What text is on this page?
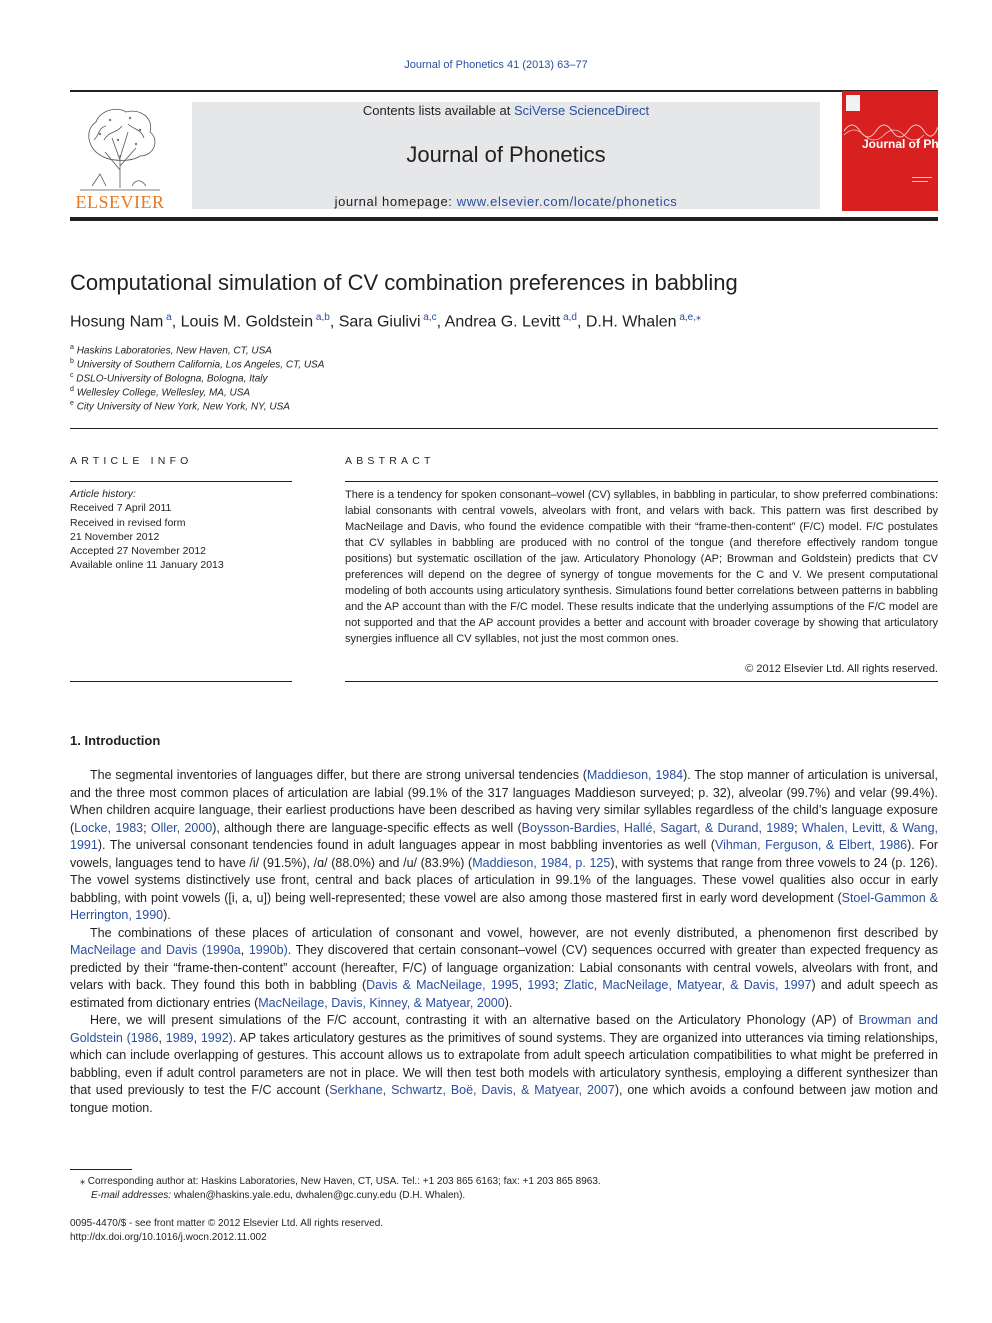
Journal of Phonetics 41 (2013) 63–77
ELSEVIER
Contents lists available at SciVerse ScienceDirect
Journal of Phonetics
journal homepage: www.elsevier.com/locate/phonetics
Journal of Phonetics
Computational simulation of CV combination preferences in babbling
Hosung Nam $^a$, Louis M. Goldstein $^{a,b}$, Sara Giulivi $^{a,c}$, Andrea G. Levitt $^{a,d}$, D.H. Whalen $^{a,e,⁎}$
$^a$ Haskins Laboratories, New Haven, CT, USA
$^b$ University of Southern California, Los Angeles, CT, USA
$^c$ DSLO-University of Bologna, Bologna, Italy
$^d$ Wellesley College, Wellesley, MA, USA
$^e$ City University of New York, New York, NY, USA
ARTICLE INFO
Article history:
Received 7 April 2011
Received in revised form
21 November 2012
Accepted 27 November 2012
Available online 11 January 2013
ABSTRACT
There is a tendency for spoken consonant–vowel (CV) syllables, in babbling in particular, to show preferred combinations: labial consonants with central vowels, alveolars with front, and velars with back. This pattern was first described by MacNeilage and Davis, who found the evidence compatible with their “frame-then-content” (F/C) model. F/C postulates that CV syllables in babbling are produced with no control of the tongue (and therefore effectively random tongue positions) but systematic oscillation of the jaw. Articulatory Phonology (AP; Browman and Goldstein) predicts that CV preferences will depend on the degree of synergy of tongue movements for the C and V. We present computational modeling of both accounts using articulatory synthesis. Simulations found better correlations between patterns in babbling and the AP account than with the F/C model. These results indicate that the underlying assumptions of the F/C model are not supported and that the AP account provides a better and account with broader coverage by showing that articulatory synergies influence all CV syllables, not just the most common ones.
© 2012 Elsevier Ltd. All rights reserved.
1. Introduction

The segmental inventories of languages differ, but there are strong universal tendencies (Maddieson, 1984). The stop manner of articulation is universal, and the three most common places of articulation are labial (99.1% of the 317 languages Maddieson surveyed; p. 32), alveolar (99.7%) and velar (99.4%). When children acquire language, their earliest productions have been described as having very similar syllables regardless of the child’s language exposure (Locke, 1983; Oller, 2000), although there are language-specific effects as well (Boysson-Bardies, Hallé, Sagart, & Durand, 1989; Whalen, Levitt, & Wang, 1991). The universal consonant tendencies found in adult languages appear in most babbling inventories as well (Vihman, Ferguson, & Elbert, 1986). For vowels, languages tend to have /i/ (91.5%), /ɑ/ (88.0%) and /u/ (83.9%) (Maddieson, 1984, p. 125), with systems that range from three vowels to 24 (p. 126). The vowel systems distinctively use front, central and back places of articulation in 99.1% of the languages. These vowel qualities also occur in early babbling, with point vowels ([i, a, u]) being well-represented; these vowel are also among those mastered first in early word development (Stoel-Gammon & Herrington, 1990).

The combinations of these places of articulation of consonant and vowel, however, are not evenly distributed, a phenomenon first described by MacNeilage and Davis (1990a, 1990b). They discovered that certain consonant–vowel (CV) sequences occurred with greater than expected frequency as predicted by their “frame-then-content” account (hereafter, F/C) of language organization: Labial consonants with central vowels, alveolars with front, and velars with back. They found this both in babbling (Davis & MacNeilage, 1995, 1993; Zlatic, MacNeilage, Matyear, & Davis, 1997) and adult speech as estimated from dictionary entries (MacNeilage, Davis, Kinney, & Matyear, 2000).

Here, we will present simulations of the F/C account, contrasting it with an alternative based on the Articulatory Phonology (AP) of Browman and Goldstein (1986, 1989, 1992). AP takes articulatory gestures as the primitives of sound systems. They are organized into utterances via timing relationships, which can include overlapping of gestures. This account allows us to extrapolate from adult speech articulation compatibilities to what might be preferred in babbling, even if adult control parameters are not in place. We will then test both models with articulatory synthesis, employing a different synthesizer than that used previously to test the F/C account (Serkhane, Schwartz, Boë, Davis, & Matyear, 2007), one which avoids a confound between jaw motion and tongue motion.

⁎ Corresponding author at: Haskins Laboratories, New Haven, CT, USA. Tel.: +1 203 865 6163; fax: +1 203 865 8963.
E-mail addresses: whalen@haskins.yale.edu, dwhalen@gc.cuny.edu (D.H. Whalen).
0095-4470/$ - see front matter © 2012 Elsevier Ltd. All rights reserved.
http://dx.doi.org/10.1016/j.wocn.2012.11.002
